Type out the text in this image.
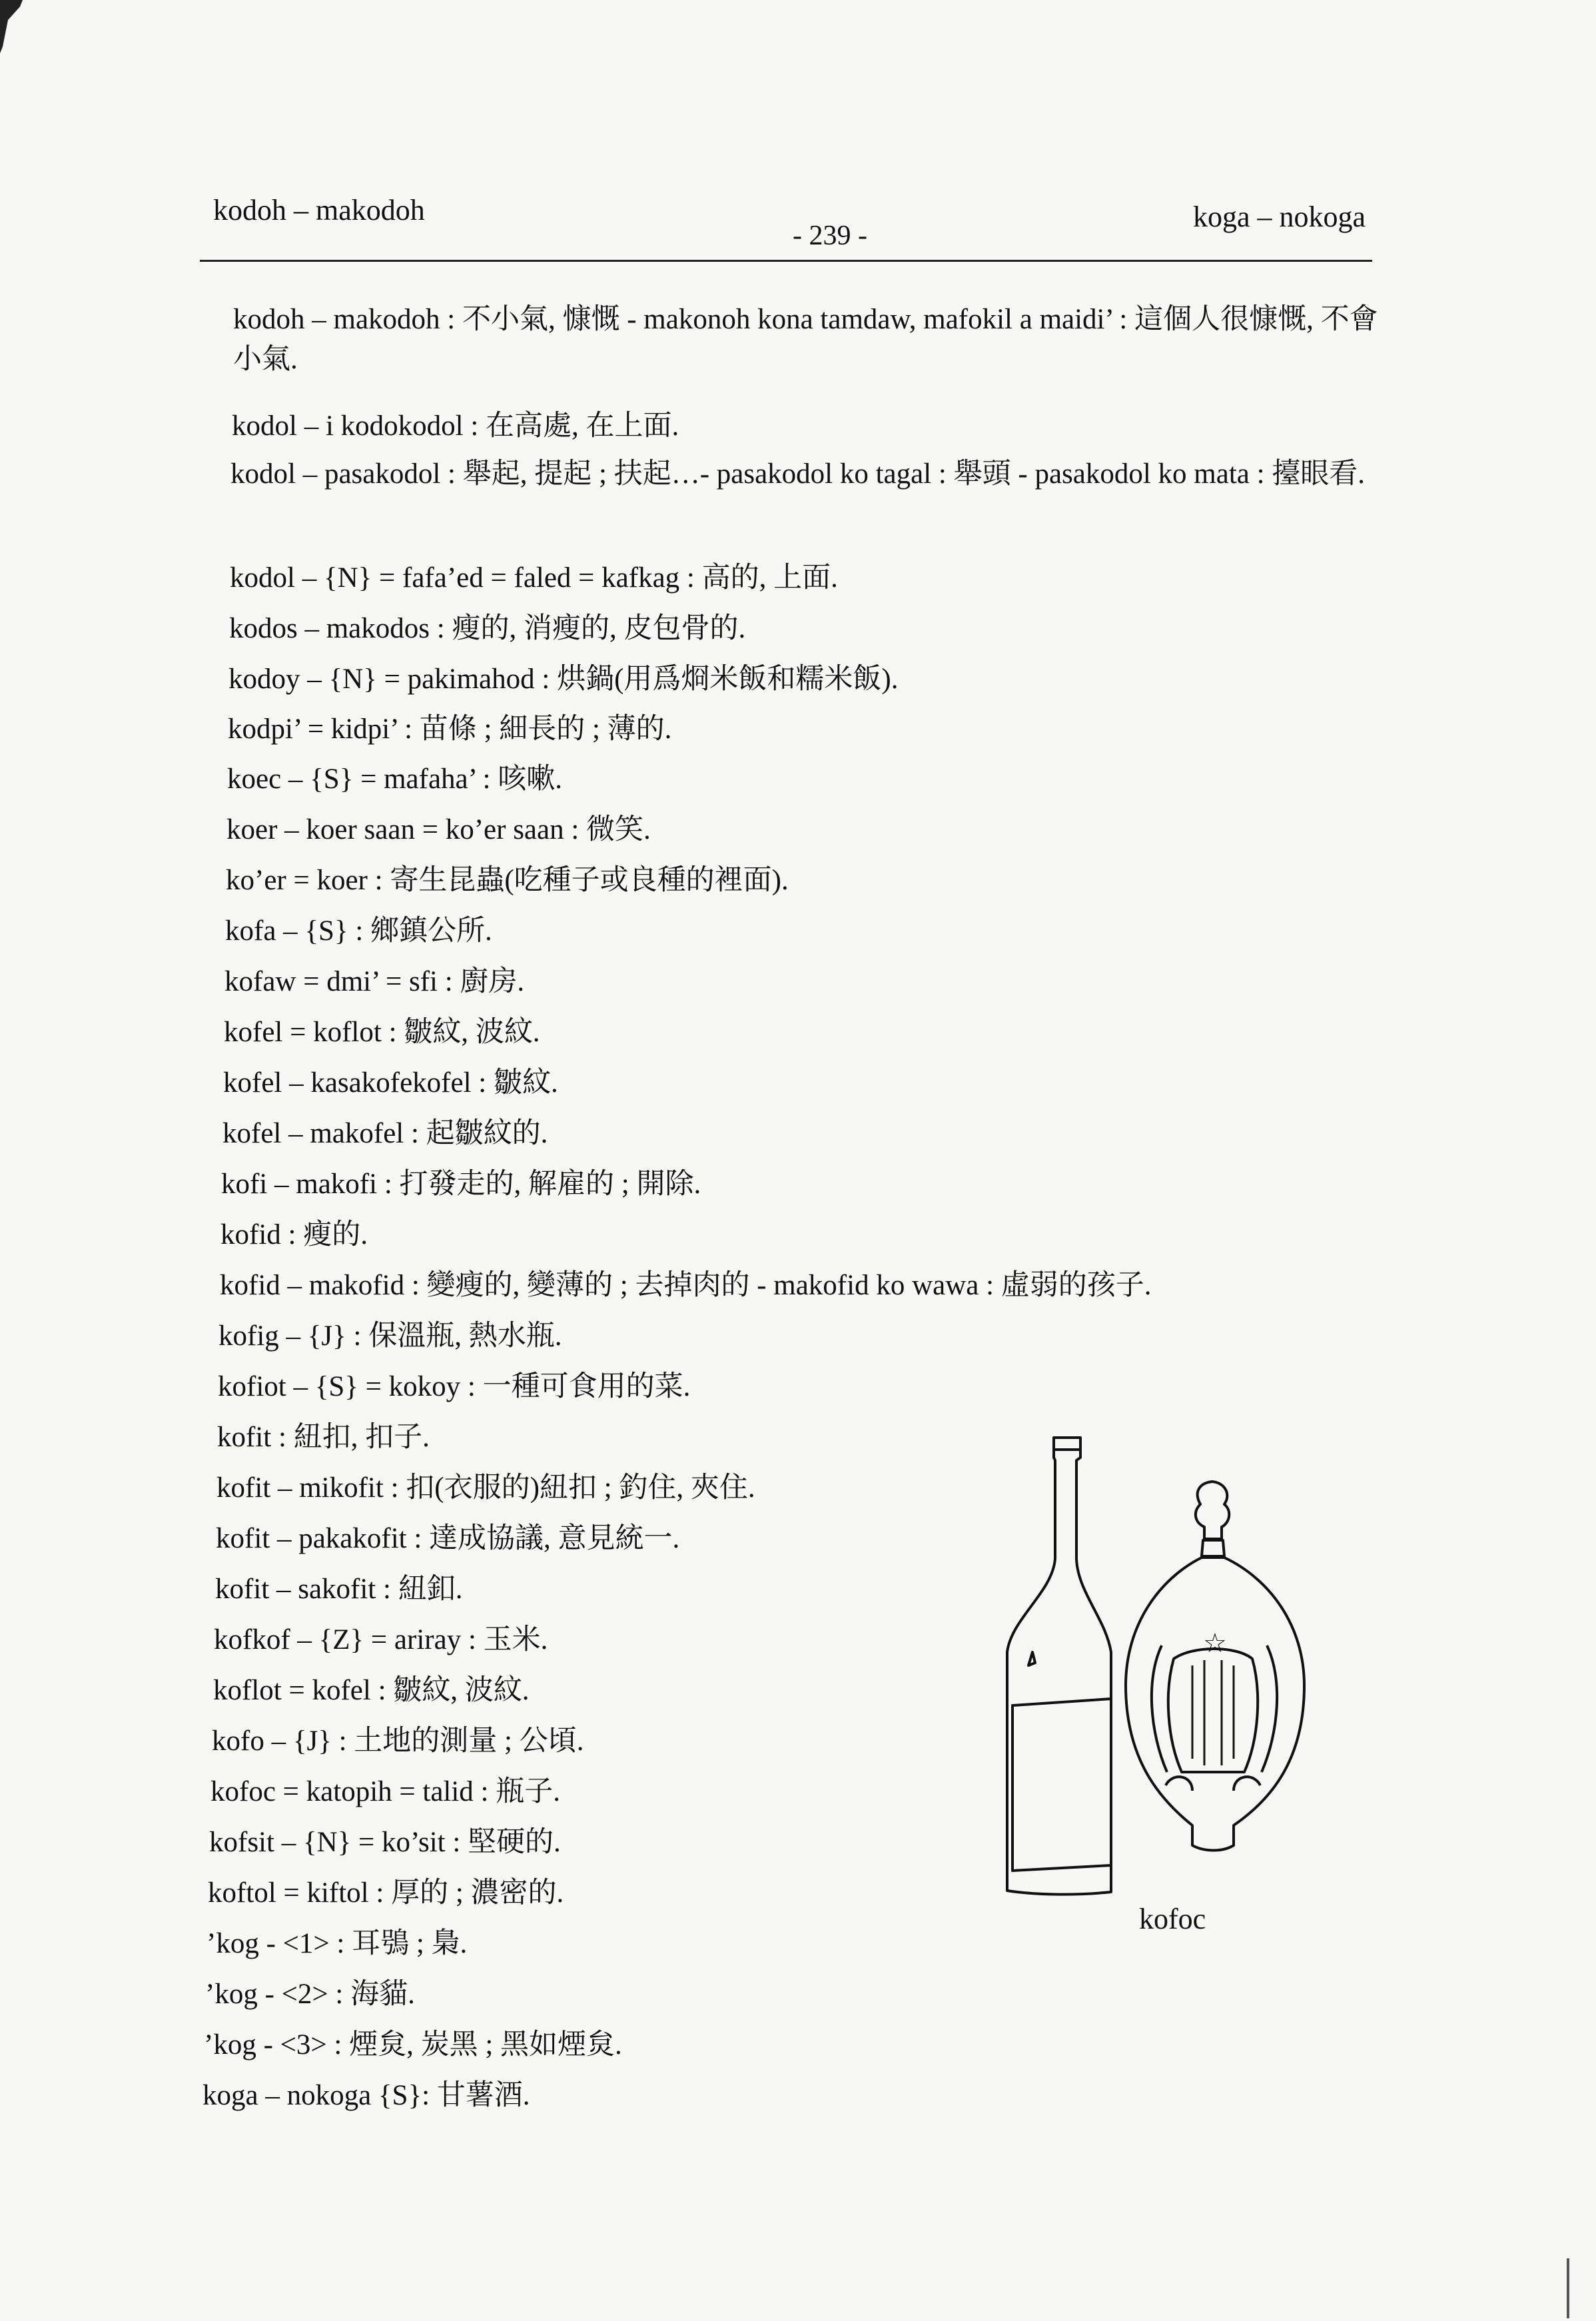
kodoh – makodoh
- 239 -
koga – nokoga
kodoh – makodoh : 不小氣, 慷慨 - makonoh kona tamdaw, mafokil a maidi’ : 這個人很慷慨, 不會小氣.
kodol – i kodokodol : 在高處, 在上面.
kodol – pasakodol : 舉起, 提起 ; 扶起…- pasakodol ko tagal : 舉頭 - pasakodol ko mata : 擡眼看.
kodol – {N} = fafa’ed = faled = kafkag : 高的, 上面.
kodos – makodos : 瘦的, 消瘦的, 皮包骨的.
kodoy – {N} = pakimahod : 烘鍋(用爲烱米飯和糯米飯).
kodpi’ = kidpi’ : 苗條 ; 細長的 ; 薄的.
koec – {S} = mafaha’ : 咳嗽.
koer – koer saan = ko’er saan : 微笑.
ko’er = koer : 寄生昆蟲(吃種子或良種的裡面).
kofa – {S} : 鄉鎮公所.
kofaw = dmi’ = sfi : 廚房.
kofel = koflot : 皺紋, 波紋.
kofel – kasakofekofel : 皺紋.
kofel – makofel : 起皺紋的.
kofi – makofi : 打發走的, 解雇的 ; 開除.
kofid : 瘦的.
kofid – makofid : 變瘦的, 變薄的 ; 去掉肉的 - makofid ko wawa : 虛弱的孩子.
kofig – {J} : 保溫瓶, 熱水瓶.
kofiot – {S} = kokoy : 一種可食用的菜.
kofit : 紐扣, 扣子.
kofit – mikofit : 扣(衣服的)紐扣 ; 釣住, 夾住.
kofit – pakakofit : 達成協議, 意見統一.
kofit – sakofit : 紐釦.
kofkof – {Z} = ariray : 玉米.
koflot = kofel : 皺紋, 波紋.
kofo – {J} : 土地的測量 ; 公頃.
kofoc = katopih = talid : 瓶子.
kofsit – {N} = ko’sit : 堅硬的.
koftol = kiftol : 厚的 ; 濃密的.
’kog - <1> : 耳鴞 ; 梟.
’kog - <2> : 海貓.
’kog - <3> : 煙炱, 炭黑 ; 黑如煙炱.
koga – nokoga {S}: 甘薯酒.
☆
kofoc
